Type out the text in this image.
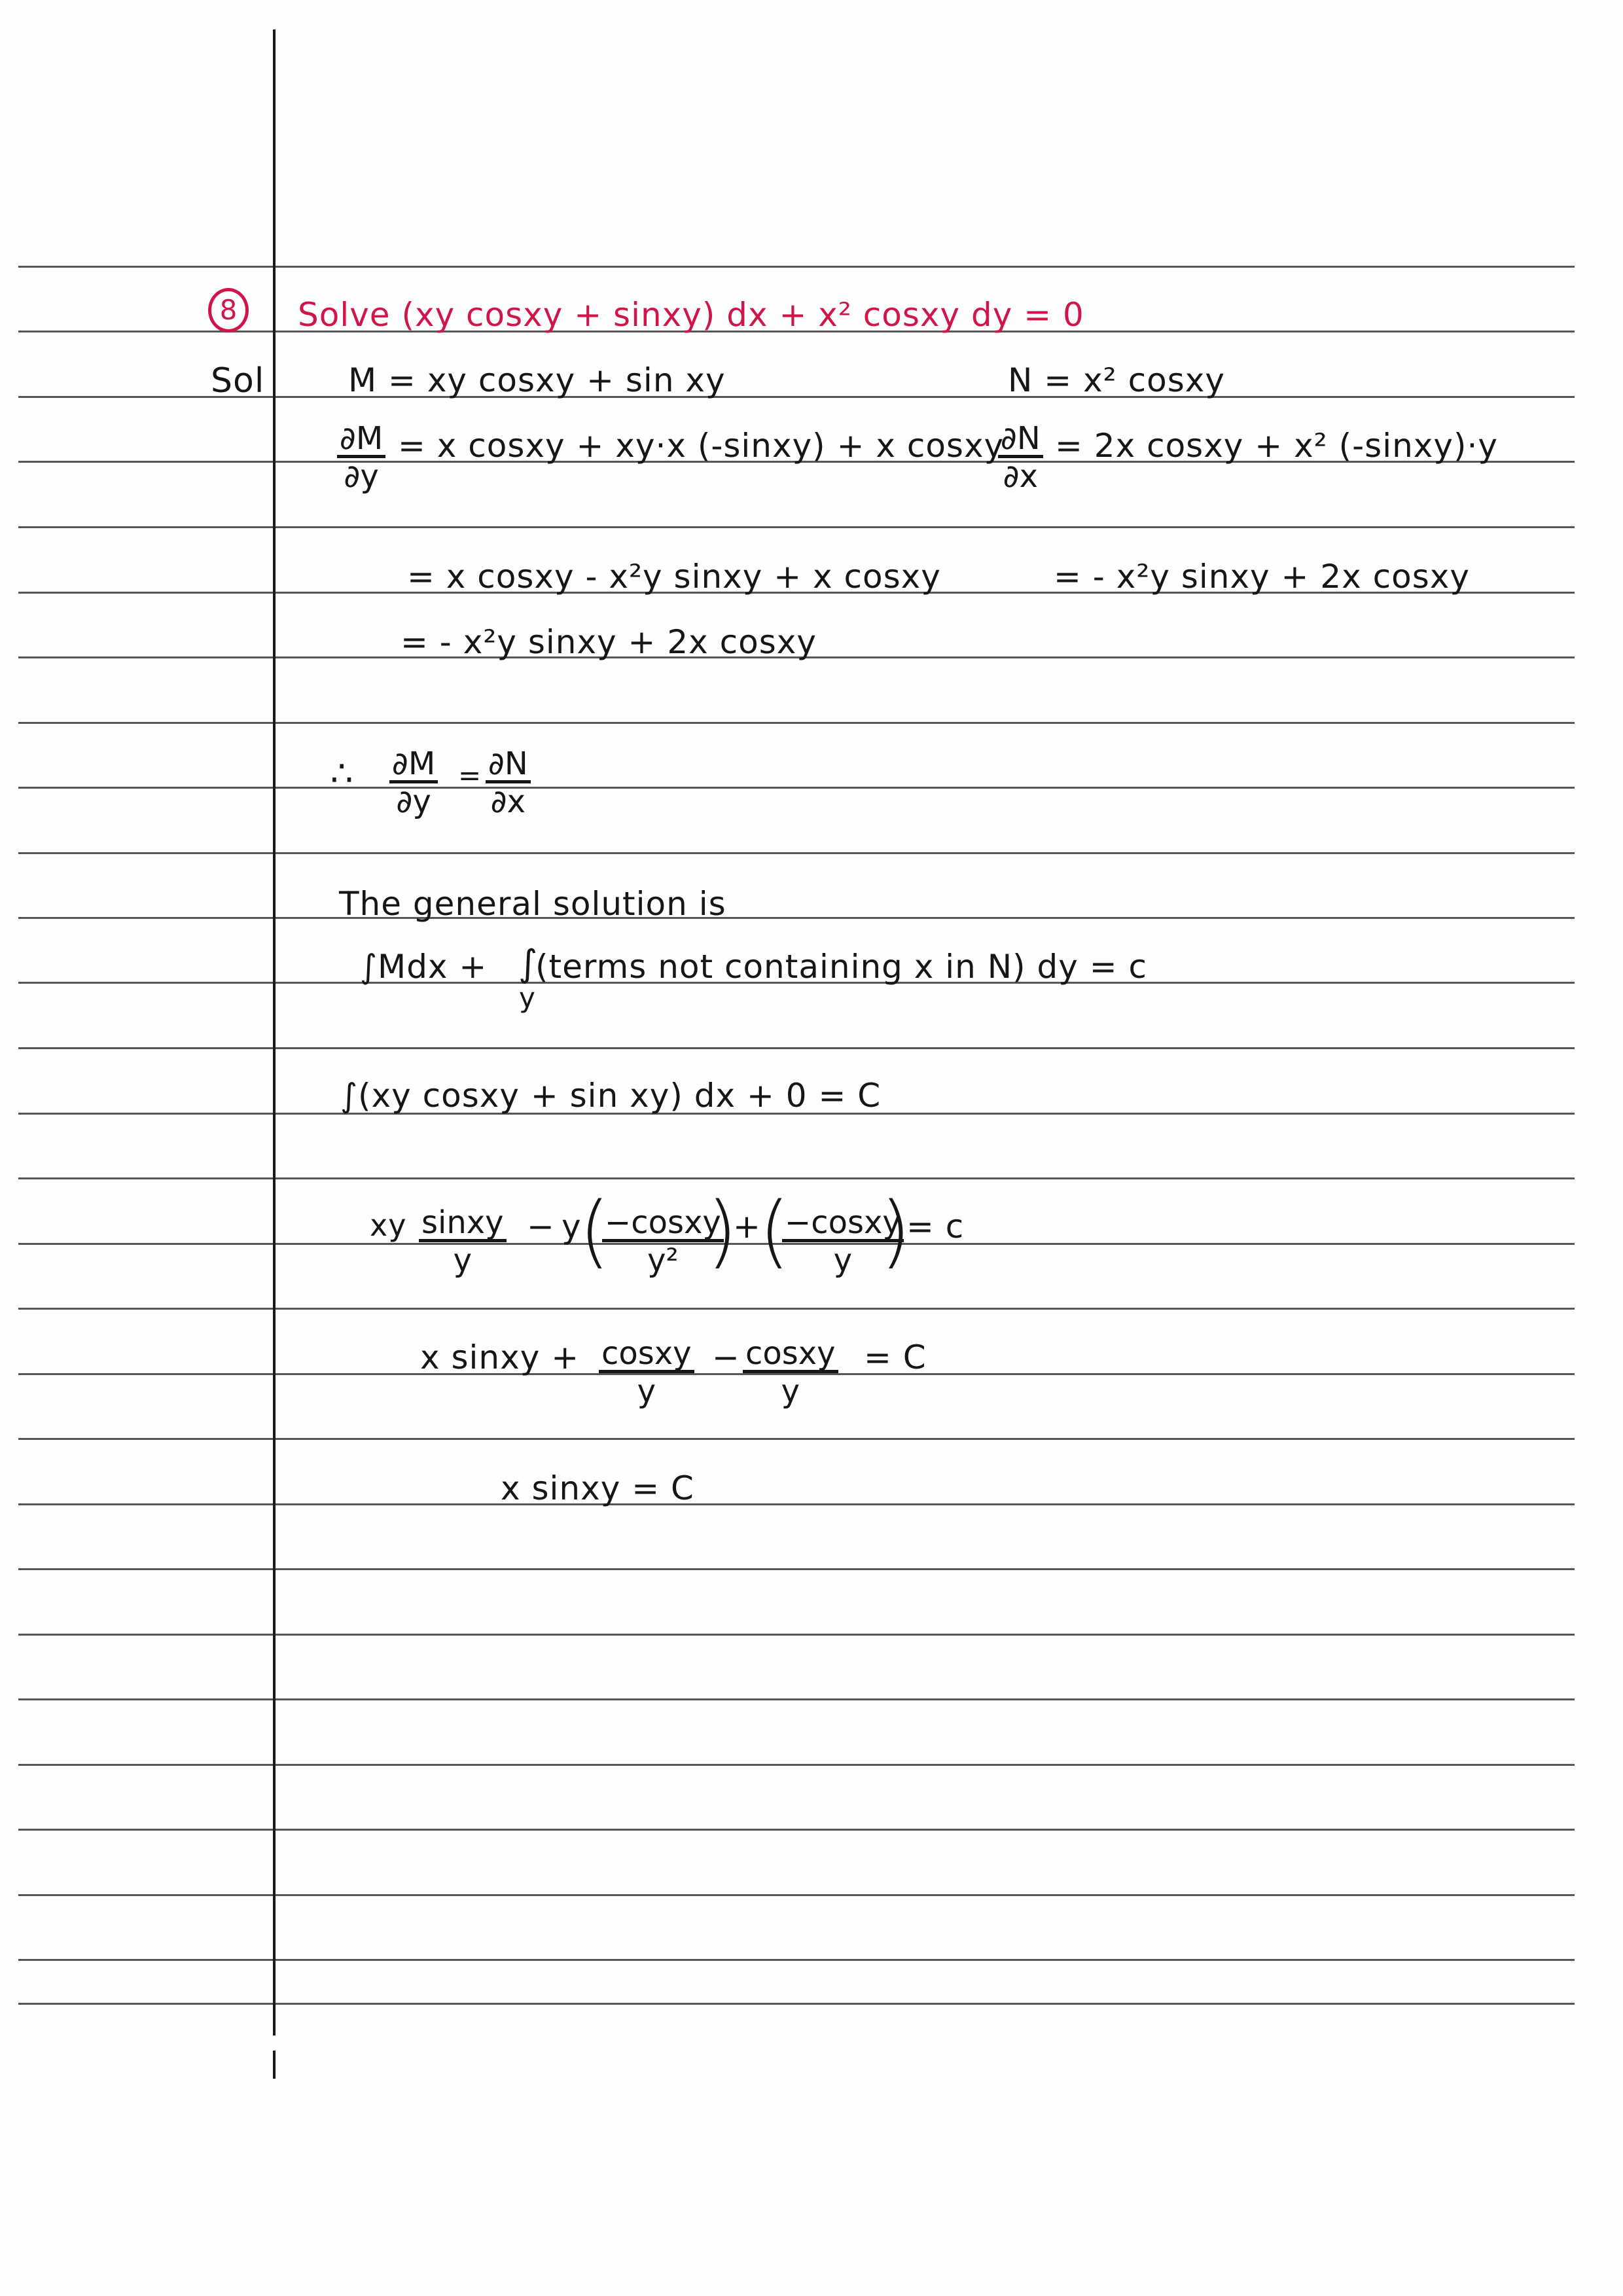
8	Solve (xy cosxy + sinxy) dx + x² cosxy dy = 0
Sol	M = xy cosxy + sin xy	N = x² cosxy
$\frac{\partial M}{\partial y} = x$ cosxy + xy·x (-sinxy) + x cosxy
$\frac{\partial N}{\partial x} = 2x$ cosxy + x² (-sinxy)·y
= x cosxy - x²y sinxy + x cosxy	= - x²y sinxy + 2x cosxy
= - x²y sinxy + 2x cosxy
∴ $\frac{\partial M}{\partial y} = \frac{\partial N}{\partial x}$
The general solution is
∫Mdx + ∫
y
(terms not containing x in N) dy = c
∫(xy cosxy + sin xy) dx + 0 = C
xy $\frac{\text{sinxy}}{y} - y$
(
$\frac{\text{−cosxy}}{\text{y²}}$
)
+
(
$\frac{\text{−cosxy}}{y}$
)
= c
x sinxy + $\frac{\text{cosxy}}{y} - \frac{\text{cosxy}}{y} = C$
x sinxy = C
